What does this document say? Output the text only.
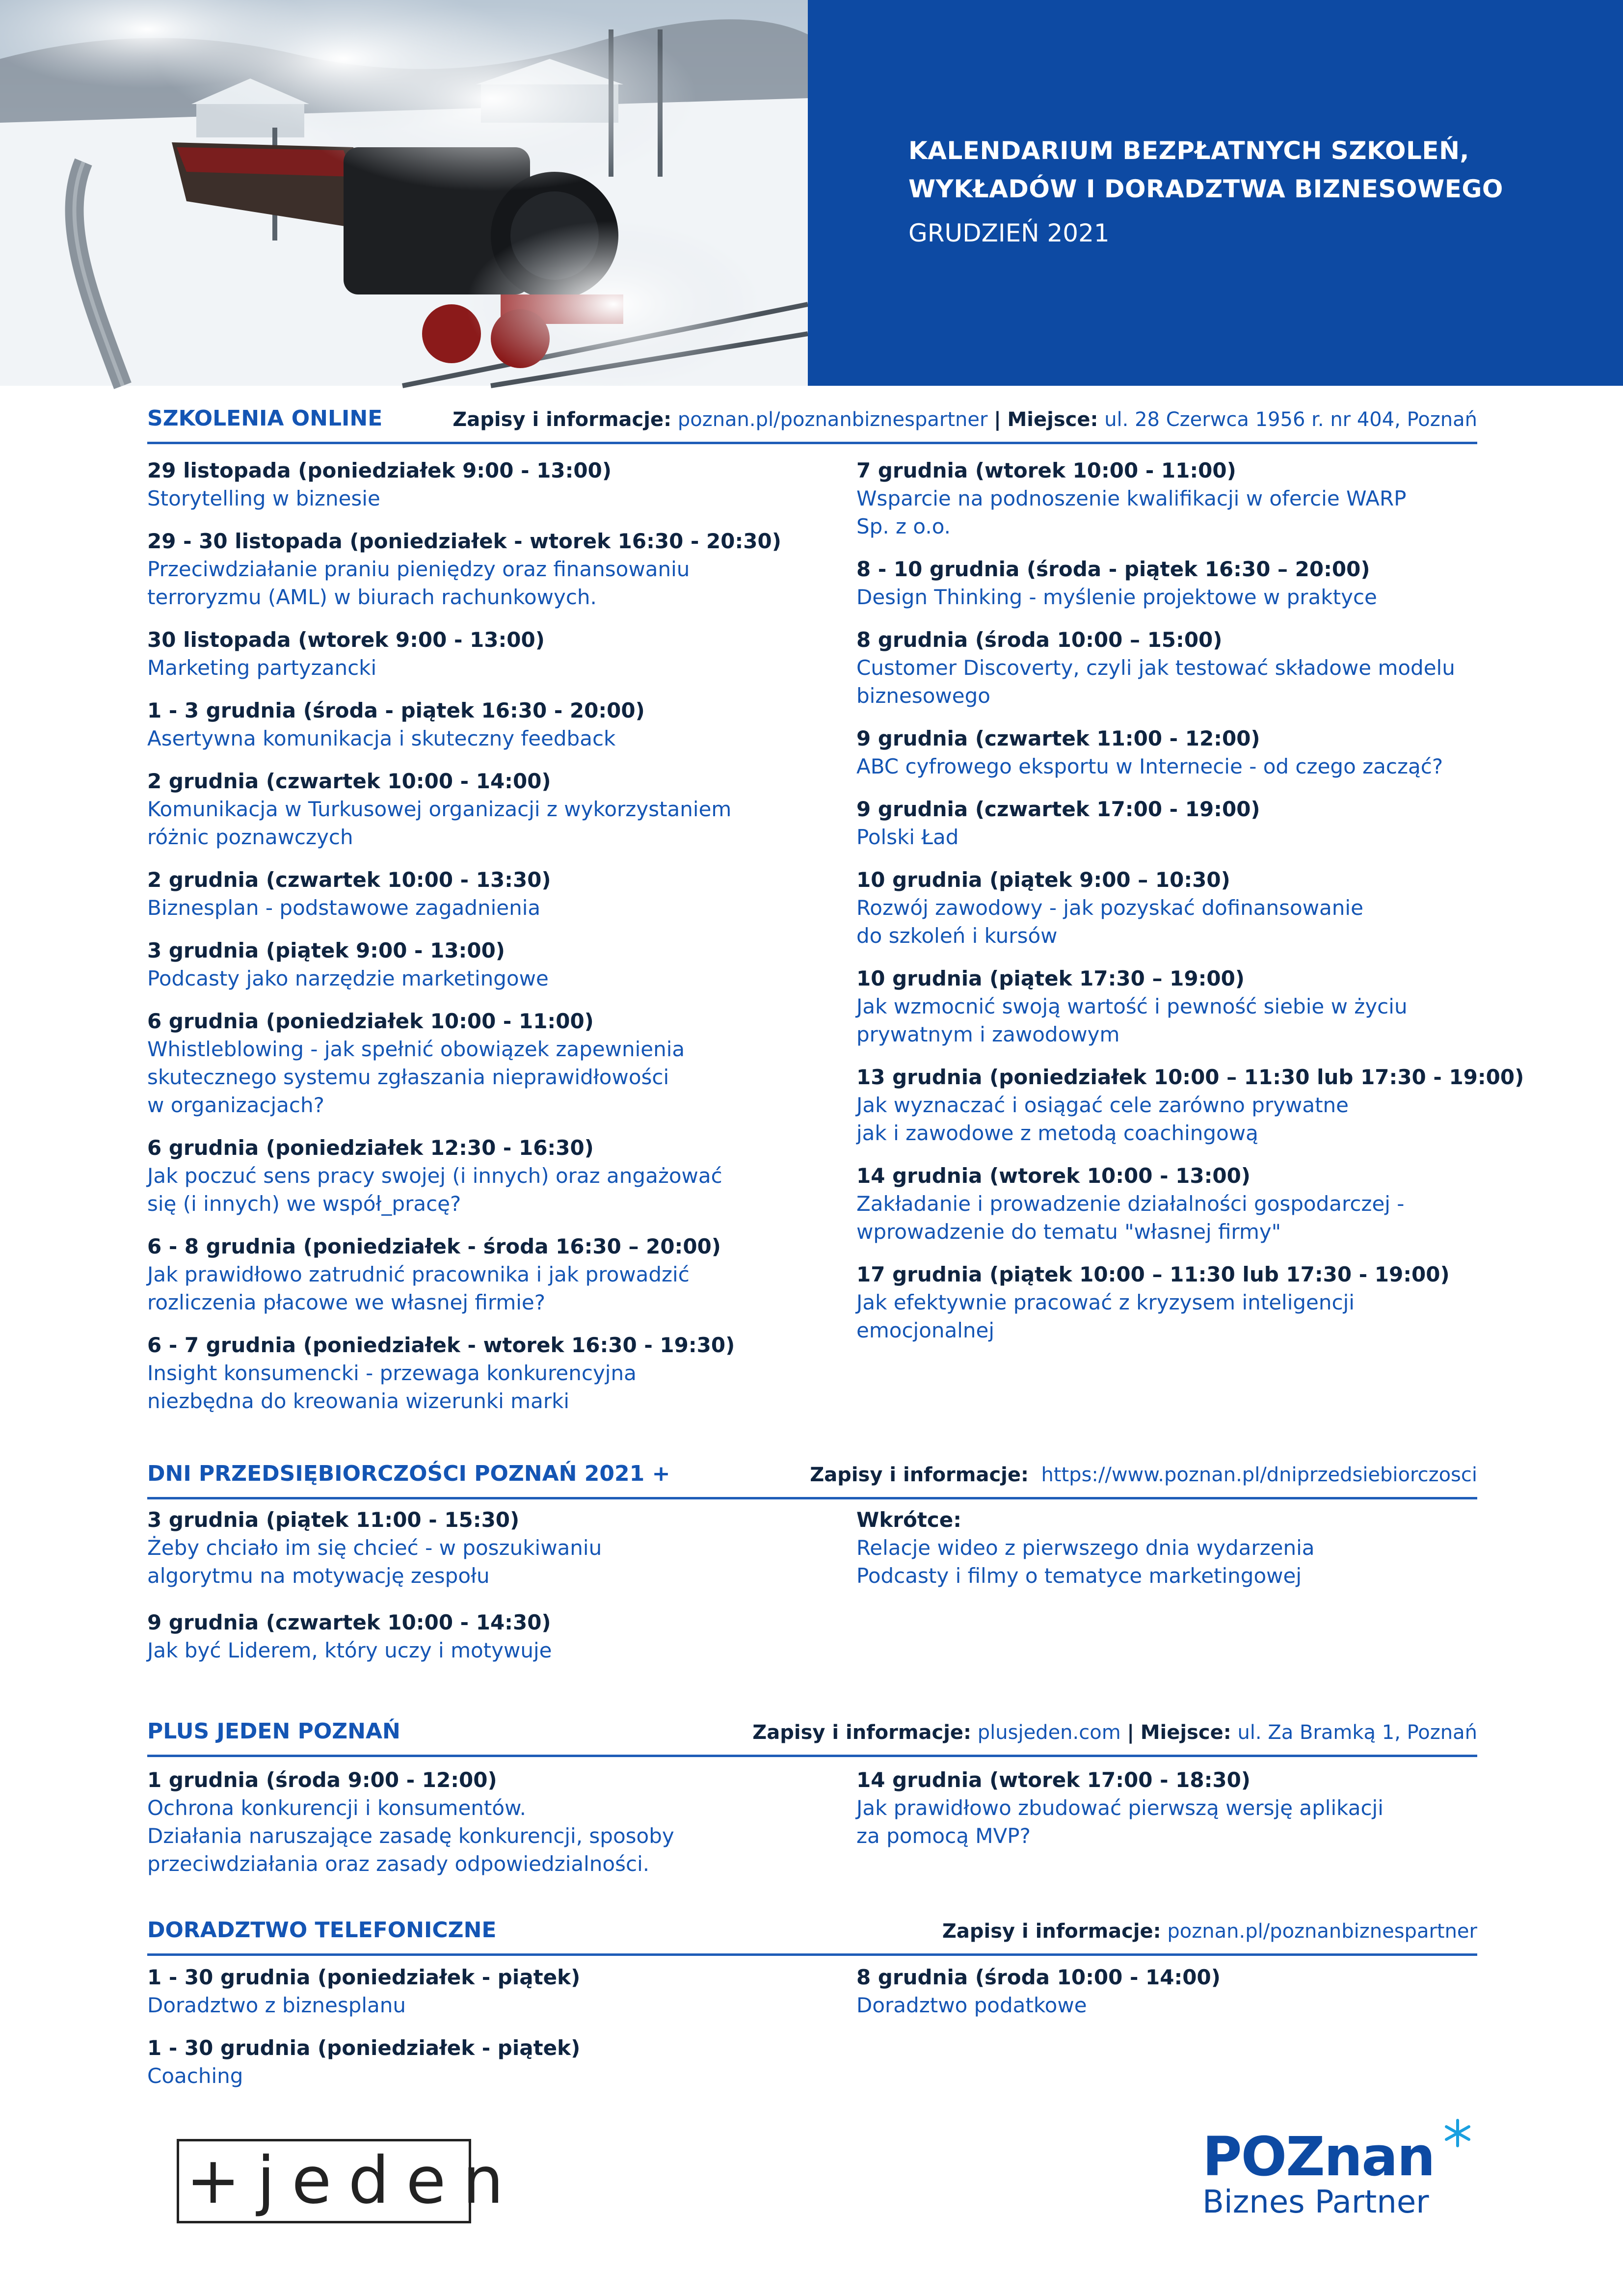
KALENDARIUM BEZPŁATNYCH SZKOLEŃ,
WYKŁADÓW I DORADZTWA BIZNESOWEGO
GRUDZIEŃ 2021
SZKOLENIA ONLINE	Zapisy i informacje: poznan.pl/poznanbiznespartner | Miejsce: ul. 28 Czerwca 1956 r. nr 404, Poznań
29 listopada (poniedziałek 9:00 - 13:00)
Storytelling w biznesie
29 - 30 listopada (poniedziałek - wtorek 16:30 - 20:30)
Przeciwdziałanie praniu pieniędzy oraz finansowaniu
terroryzmu (AML) w biurach rachunkowych.
30 listopada (wtorek 9:00 - 13:00)
Marketing partyzancki
1 - 3 grudnia (środa - piątek 16:30 - 20:00)
Asertywna komunikacja i skuteczny feedback
2 grudnia (czwartek 10:00 - 14:00)
Komunikacja w Turkusowej organizacji z wykorzystaniem
różnic poznawczych
2 grudnia (czwartek 10:00 - 13:30)
Biznesplan - podstawowe zagadnienia
3 grudnia (piątek 9:00 - 13:00)
Podcasty jako narzędzie marketingowe
6 grudnia (poniedziałek 10:00 - 11:00)
Whistleblowing - jak spełnić obowiązek zapewnienia
skutecznego systemu zgłaszania nieprawidłowości
w organizacjach?
6 grudnia (poniedziałek 12:30 - 16:30)
Jak poczuć sens pracy swojej (i innych) oraz angażować
się (i innych) we współ_pracę?
6 - 8 grudnia (poniedziałek - środa 16:30 – 20:00)
Jak prawidłowo zatrudnić pracownika i jak prowadzić
rozliczenia płacowe we własnej firmie?
6 - 7 grudnia (poniedziałek - wtorek 16:30 - 19:30)
Insight konsumencki - przewaga konkurencyjna
niezbędna do kreowania wizerunki marki
7 grudnia (wtorek 10:00 - 11:00)
Wsparcie na podnoszenie kwalifikacji w ofercie WARP
Sp. z o.o.
8 - 10 grudnia (środa - piątek 16:30 – 20:00)
Design Thinking - myślenie projektowe w praktyce
8 grudnia (środa 10:00 – 15:00)
Customer Discoverty, czyli jak testować składowe modelu
biznesowego
9 grudnia (czwartek 11:00 - 12:00)
ABC cyfrowego eksportu w Internecie - od czego zacząć?
9 grudnia (czwartek 17:00 - 19:00)
Polski Ład
10 grudnia (piątek 9:00 – 10:30)
Rozwój zawodowy - jak pozyskać dofinansowanie
do szkoleń i kursów
10 grudnia (piątek 17:30 – 19:00)
Jak wzmocnić swoją wartość i pewność siebie w życiu
prywatnym i zawodowym
13 grudnia (poniedziałek 10:00 – 11:30 lub 17:30 - 19:00)
Jak wyznaczać i osiągać cele zarówno prywatne
jak i zawodowe z metodą coachingową
14 grudnia (wtorek 10:00 - 13:00)
Zakładanie i prowadzenie działalności gospodarczej -
wprowadzenie do tematu "własnej firmy"
17 grudnia (piątek 10:00 – 11:30 lub 17:30 - 19:00)
Jak efektywnie pracować z kryzysem inteligencji
emocjonalnej
DNI PRZEDSIĘBIORCZOŚCI POZNAŃ 2021 +	Zapisy i informacje: https://www.poznan.pl/dniprzedsiebiorczosci
3 grudnia (piątek 11:00 - 15:30)
Żeby chciało im się chcieć - w poszukiwaniu
algorytmu na motywację zespołu
9 grudnia (czwartek 10:00 - 14:30)
Jak być Liderem, który uczy i motywuje
Wkrótce:
Relacje wideo z pierwszego dnia wydarzenia
Podcasty i filmy o tematyce marketingowej
PLUS JEDEN POZNAŃ	Zapisy i informacje: plusjeden.com | Miejsce: ul. Za Bramką 1, Poznań
1 grudnia (środa 9:00 - 12:00)
Ochrona konkurencji i konsumentów.
Działania naruszające zasadę konkurencji, sposoby
przeciwdziałania oraz zasady odpowiedzialności.
14 grudnia (wtorek 17:00 - 18:30)
Jak prawidłowo zbudować pierwszą wersję aplikacji
za pomocą MVP?
DORADZTWO TELEFONICZNE	Zapisy i informacje: poznan.pl/poznanbiznespartner
1 - 30 grudnia (poniedziałek - piątek)
Doradztwo z biznesplanu
1 - 30 grudnia (poniedziałek - piątek)
Coaching
8 grudnia (środa 10:00 - 14:00)
Doradztwo podatkowe
+jeden	POZnan
Biznes Partner
